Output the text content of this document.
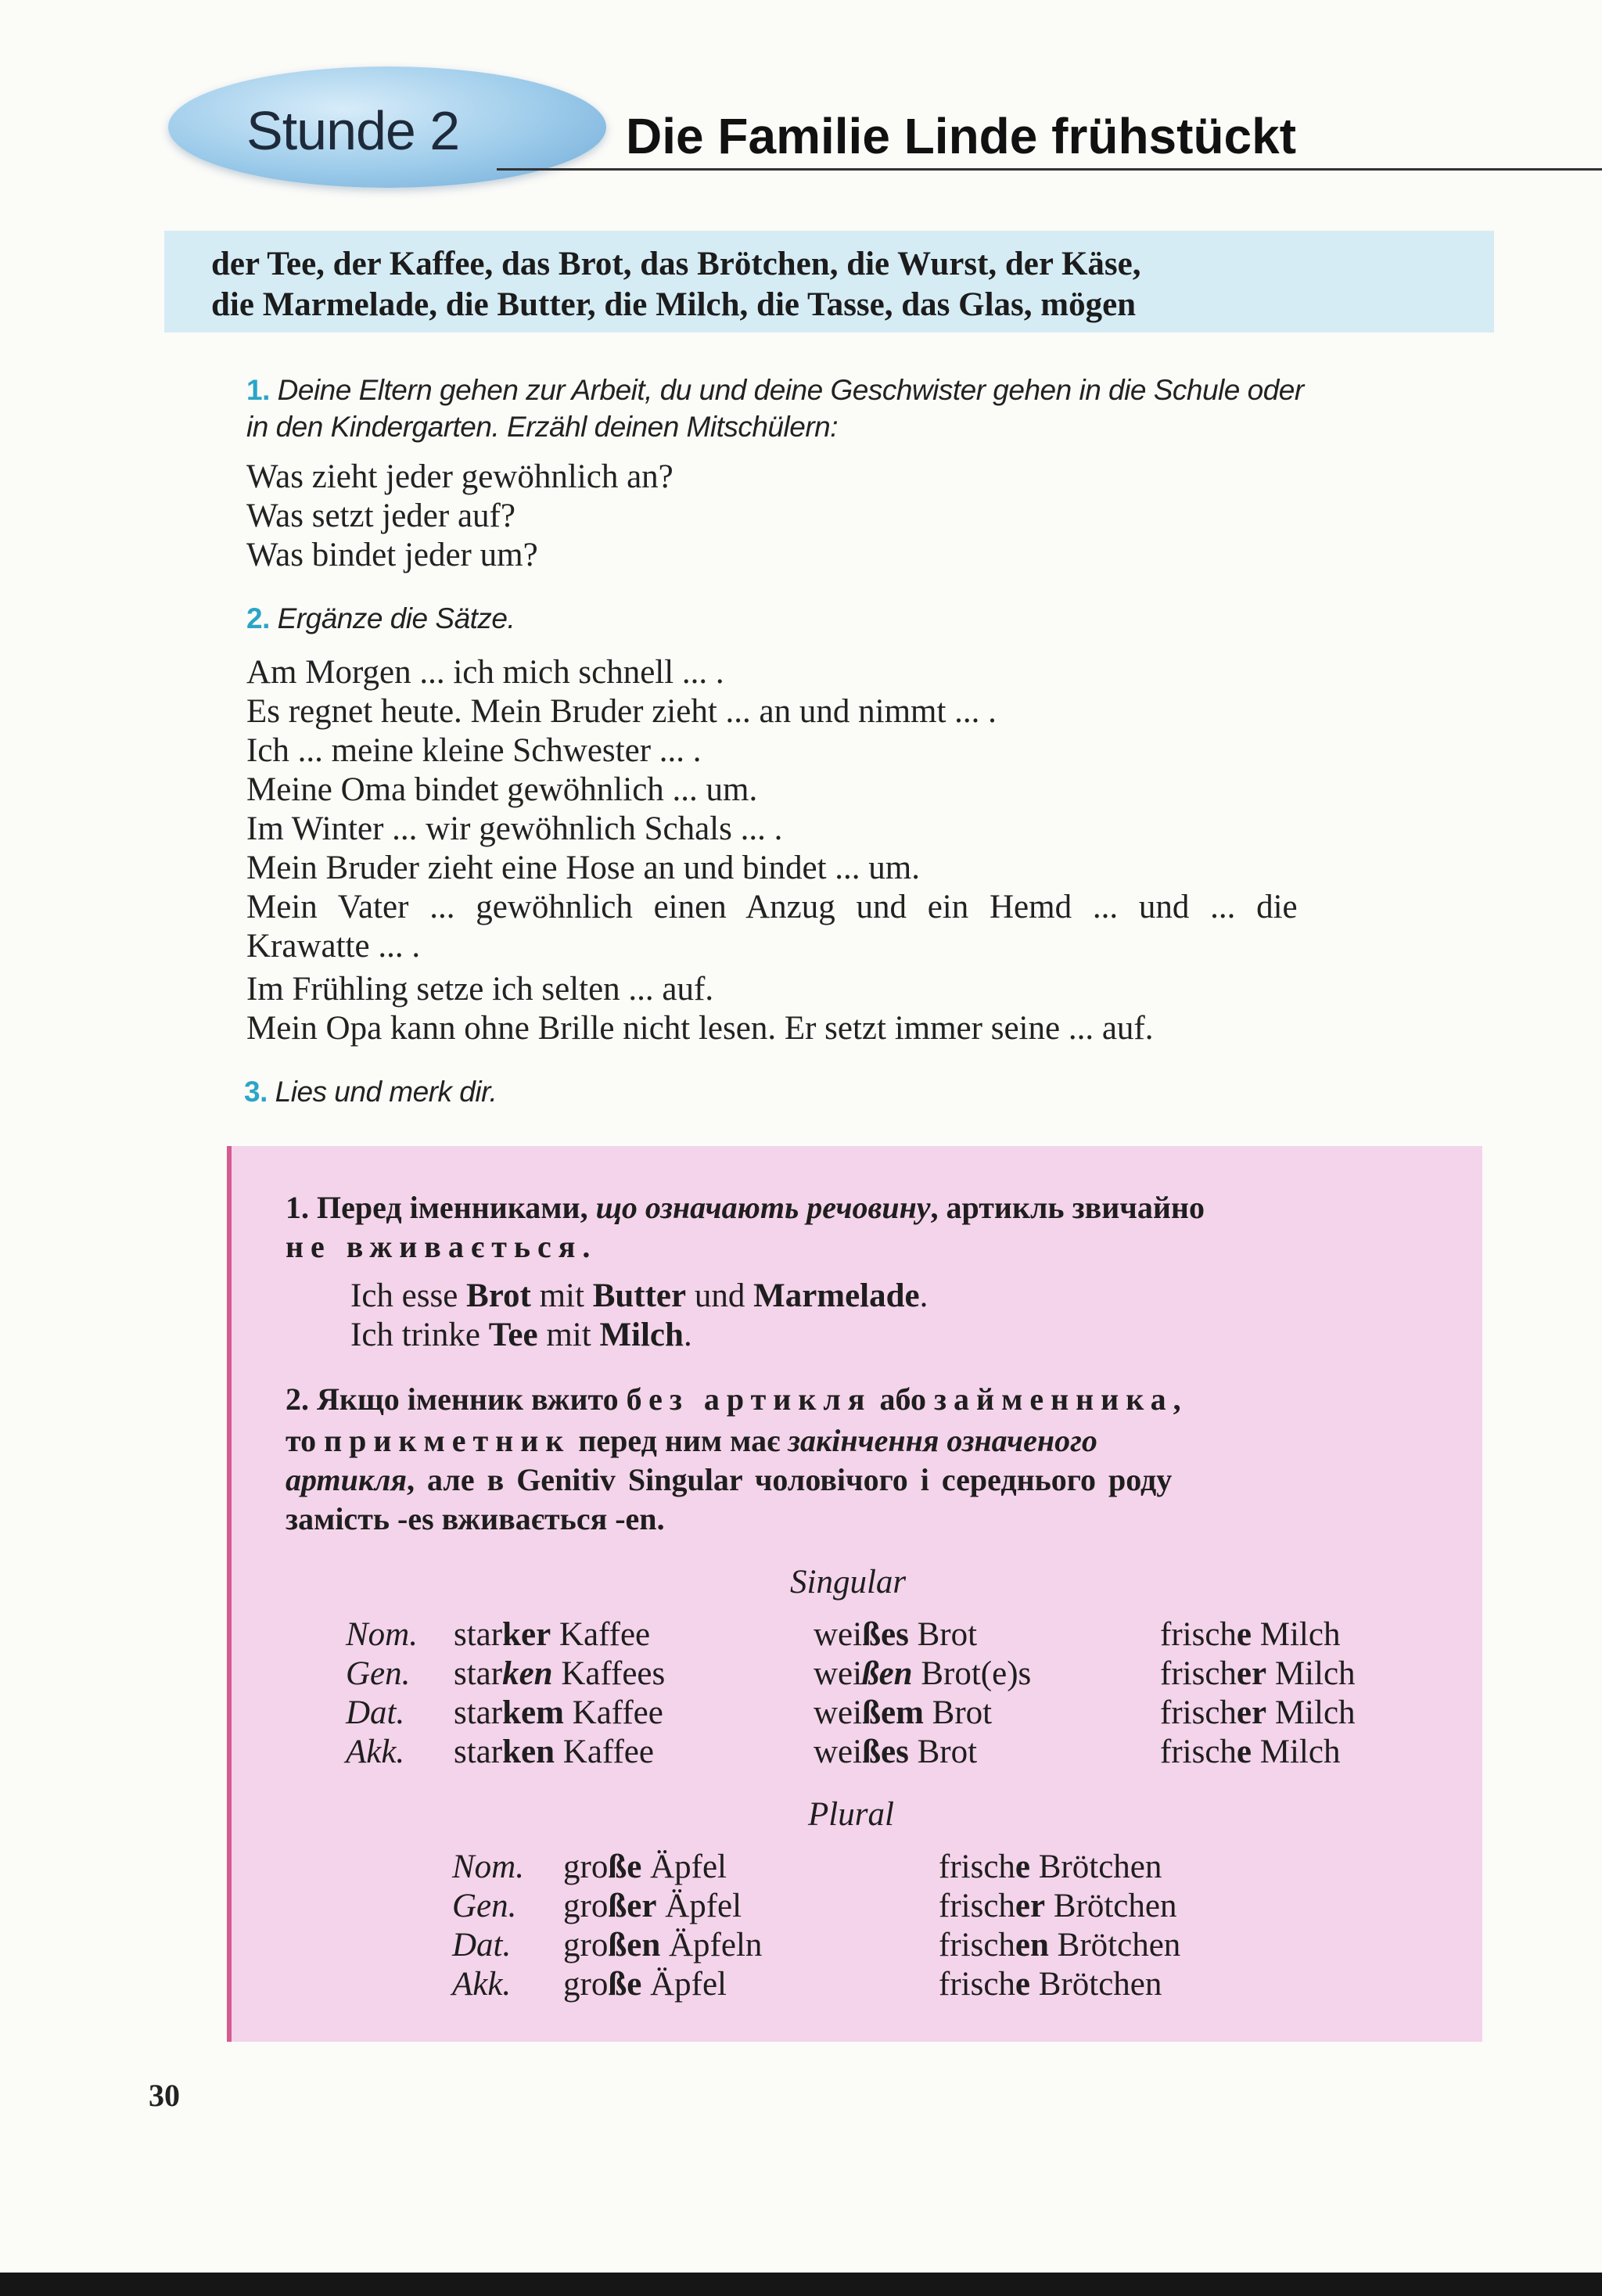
Stunde 2	Die Familie Linde frühstückt
der Tee, der Kaffee, das Brot, das Brötchen, die Wurst, der Käse,
die Marmelade, die Butter, die Milch, die Tasse, das Glas, mögen
1. Deine Eltern gehen zur Arbeit, du und deine Geschwister gehen in die Schule oder
in den Kindergarten. Erzähl deinen Mitschülern:
Was zieht jeder gewöhnlich an?
Was setzt jeder auf?
Was bindet jeder um?
2. Ergänze die Sätze.
Am Morgen ... ich mich schnell ... .
Es regnet heute. Mein Bruder zieht ... an und nimmt ... .
Ich ... meine kleine Schwester ... .
Meine Oma bindet gewöhnlich ... um.
Im Winter ... wir gewöhnlich Schals ... .
Mein Bruder zieht eine Hose an und bindet ... um.
Mein Vater ... gewöhnlich einen Anzug und ein Hemd ... und ... die
Krawatte ... .
Im Frühling setze ich selten ... auf.
Mein Opa kann ohne Brille nicht lesen. Er setzt immer seine ... auf.
3. Lies und merk dir.
1. Перед іменниками, що означають речовину, артикль звичайно
не вживається.
Ich esse Brot mit Butter und Marmelade.
Ich trinke Tee mit Milch.
2. Якщо іменник вжито без артикля або займенника,
то прикметник перед ним має закінчення означеного
артикля, але в Genitiv Singular чоловічого і середнього роду
замість -es вживається -en.
Singular
Nom. starker Kaffee	weißes Brot	frische Milch
Gen. starken Kaffees	weißen Brot(e)s	frischer Milch
Dat. starkem Kaffee	weißem Brot	frischer Milch
Akk. starken Kaffee	weißes Brot	frische Milch
Plural
Nom. große Äpfel	frische Brötchen
Gen. großer Äpfel	frischer Brötchen
Dat. großen Äpfeln	frischen Brötchen
Akk. große Äpfel	frische Brötchen
30
